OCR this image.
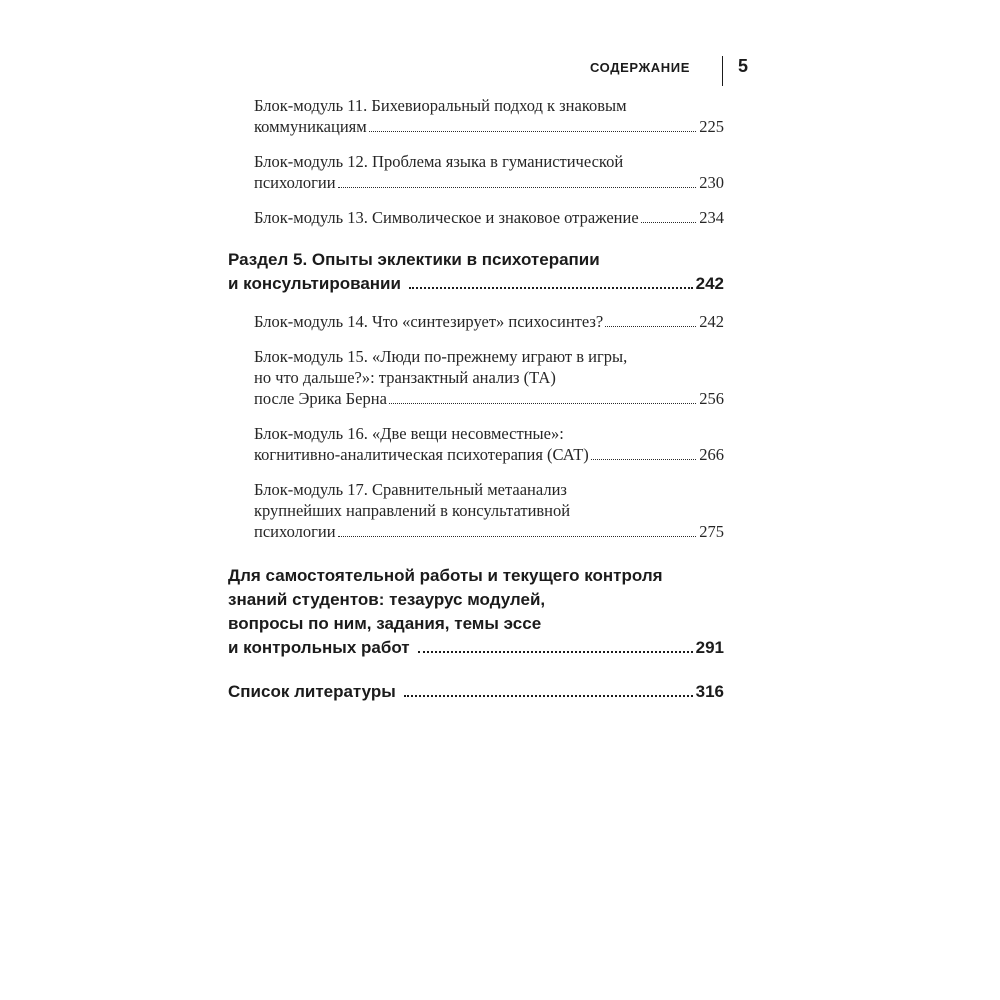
СОДЕРЖАНИЕ	5
Блок-модуль 11. Бихевиоральный подход к знаковым
коммуникациям	225
Блок-модуль 12. Проблема языка в гуманистической
психологии	230
Блок-модуль 13. Символическое и знаковое отражение	234
Раздел 5. Опыты эклектики в психотерапии
и консультировании	242
Блок-модуль 14. Что «синтезирует» психосинтез?	242
Блок-модуль 15. «Люди по-прежнему играют в игры,
но что дальше?»: транзактный анализ (ТА)
после Эрика Берна	256
Блок-модуль 16. «Две вещи несовместные»:
когнитивно-аналитическая психотерапия (САТ)	266
Блок-модуль 17. Сравнительный метаанализ
крупнейших направлений в консультативной
психологии	275
Для самостоятельной работы и текущего контроля
знаний студентов: тезаурус модулей,
вопросы по ним, задания, темы эссе
и контрольных работ	291
Список литературы	316
